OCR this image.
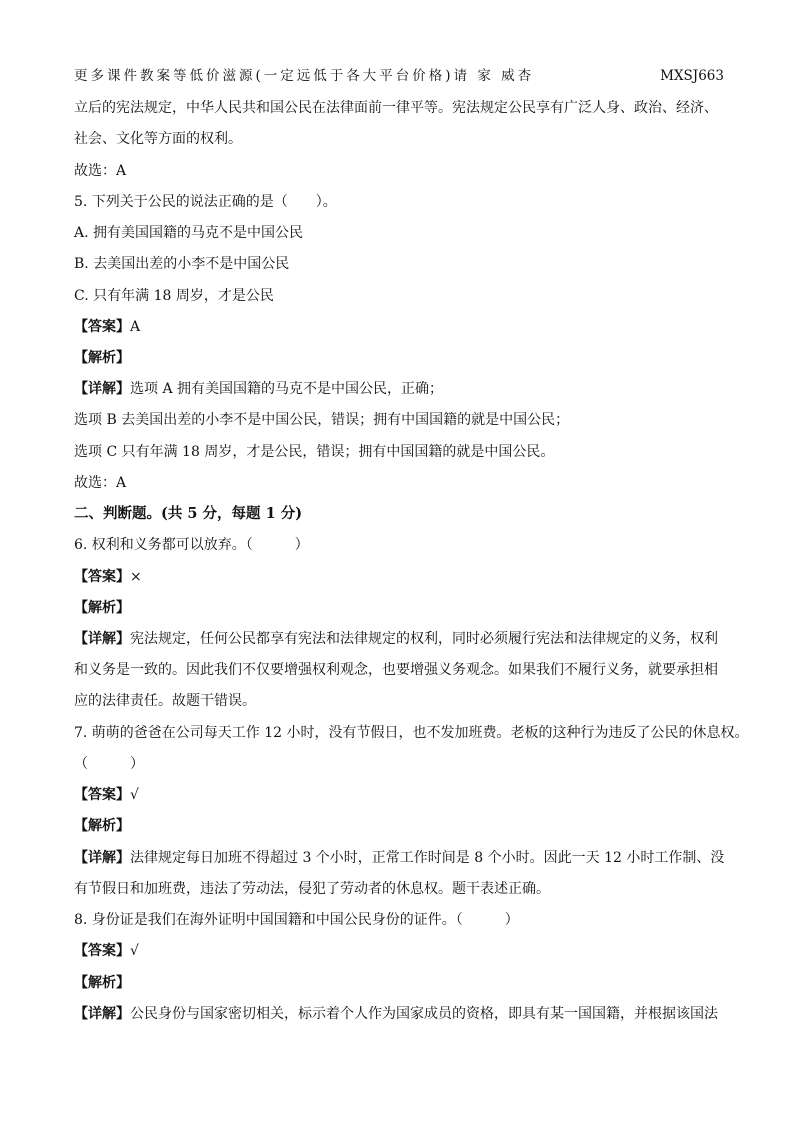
更多课件教案等低价滋源(一定远低于各大平台价格)请 家 威杏	MXSJ663
立后的宪法规定，中华人民共和国公民在法律面前一律平等。宪法规定公民享有广泛人身、政治、经济、
社会、文化等方面的权利。
故选：A
5. 下列关于公民的说法正确的是（　　）。
A. 拥有美国国籍的马克不是中国公民
B. 去美国出差的小李不是中国公民
C. 只有年满 18 周岁，才是公民
【答案】A
【解析】
【详解】选项 A 拥有美国国籍的马克不是中国公民，正确；
选项 B 去美国出差的小李不是中国公民，错误；拥有中国国籍的就是中国公民；
选项 C 只有年满 18 周岁，才是公民，错误；拥有中国国籍的就是中国公民。
故选：A
二、判断题。(共 5 分，每题 1 分)
6. 权利和义务都可以放弃。（　　　）
【答案】×
【解析】
【详解】宪法规定，任何公民都享有宪法和法律规定的权利，同时必须履行宪法和法律规定的义务，权利
和义务是一致的。因此我们不仅要增强权利观念，也要增强义务观念。如果我们不履行义务，就要承担相
应的法律责任。故题干错误。
7. 萌萌的爸爸在公司每天工作 12 小时，没有节假日，也不发加班费。老板的这种行为违反了公民的休息权。
（　　　）
【答案】√
【解析】
【详解】法律规定每日加班不得超过 3 个小时，正常工作时间是 8 个小时。因此一天 12 小时工作制、没
有节假日和加班费，违法了劳动法，侵犯了劳动者的休息权。题干表述正确。
8. 身份证是我们在海外证明中国国籍和中国公民身份的证件。（　　　）
【答案】√
【解析】
【详解】公民身份与国家密切相关，标示着个人作为国家成员的资格，即具有某一国国籍，并根据该国法
